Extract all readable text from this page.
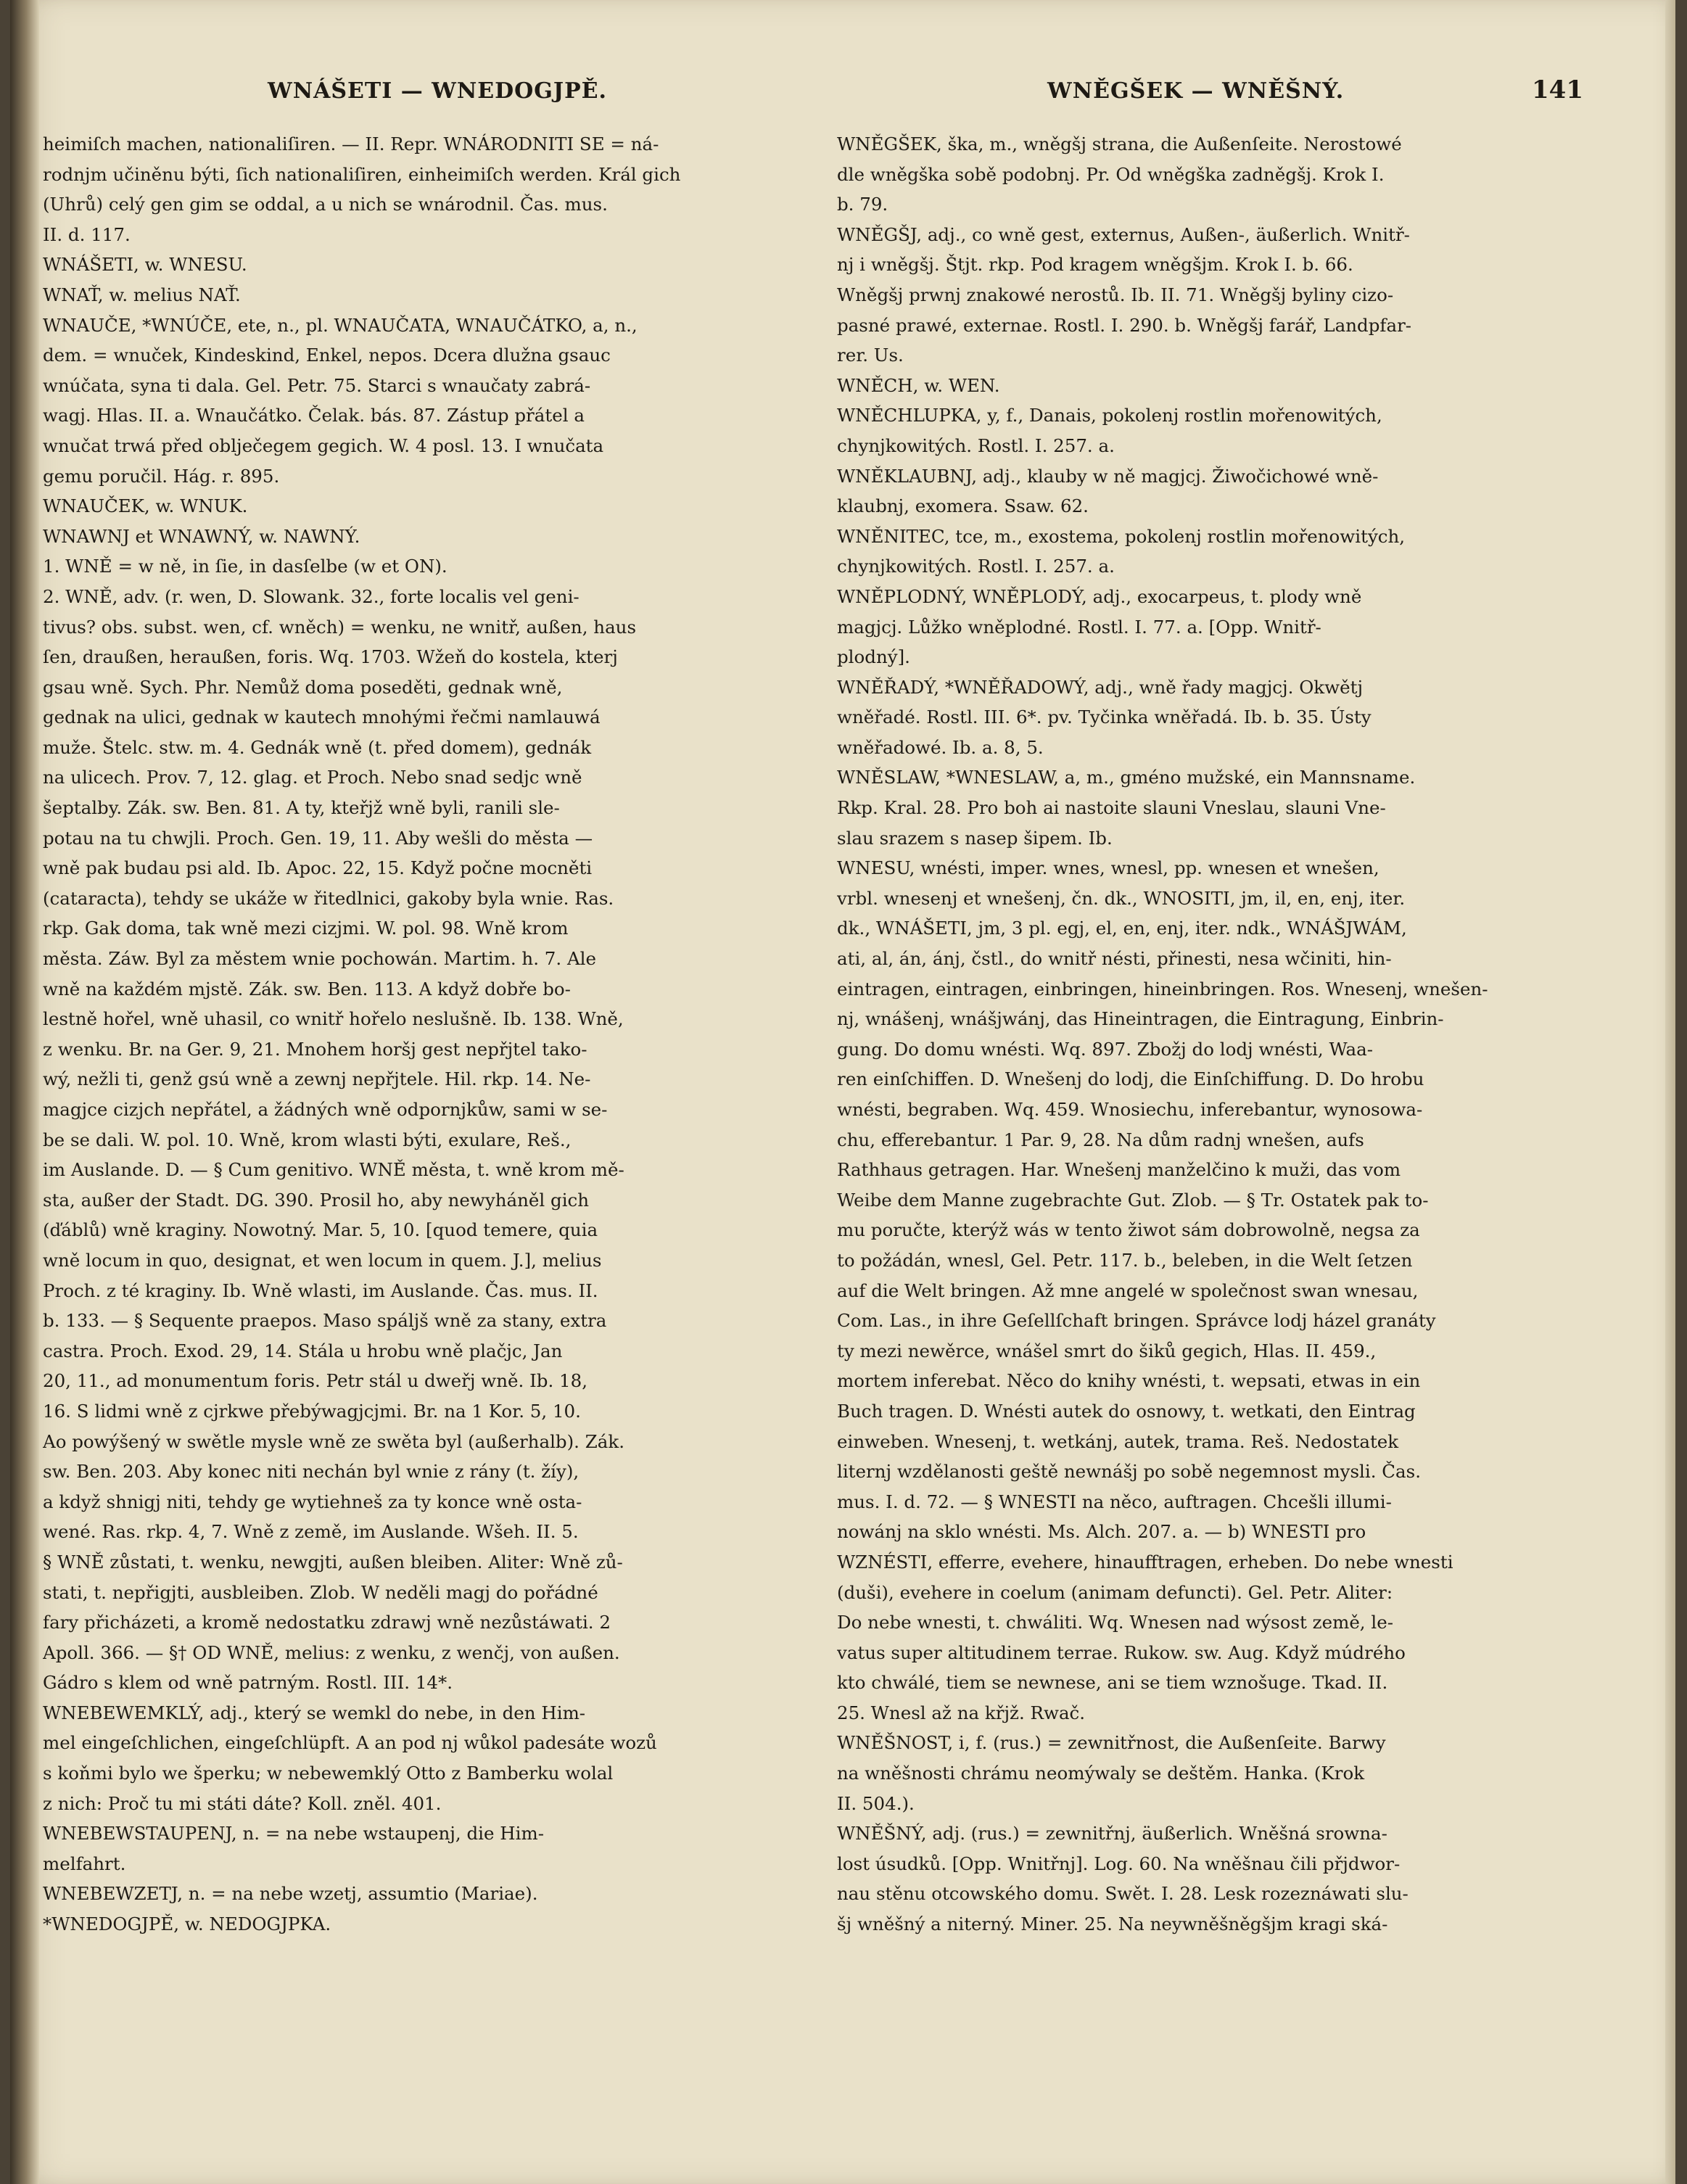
WNÁŠETI — WNEDOGJPĚ.	WNĚGŠEK — WNĚŠNÝ.	141
heimiſch machen, nationaliſiren. — II. Repr. WNÁRODNITI SE = ná-
rodnjm učiněnu býti, ſich nationaliſiren, einheimiſch werden. Král gich
(Uhrů) celý gen gim se oddal, a u nich se wnárodnil. Čas. mus.
II. d. 117.
WNÁŠETI, w. WNESU.
WNAŤ, w. melius NAŤ.
WNAUČE, *WNÚČE, ete, n., pl. WNAUČATA, WNAUČÁTKO, a, n.,
dem. = wnuček, Kindeskind, Enkel, nepos. Dcera dlužna gsauc
wnúčata, syna ti dala. Gel. Petr. 75. Starci s wnaučaty zabrá-
wagj. Hlas. II. a. Wnaučátko. Čelak. bás. 87. Zástup přátel a
wnučat trwá před oblječegem gegich. W. 4 posl. 13. I wnučata
gemu poručil. Hág. r. 895.
WNAUČEK, w. WNUK.
WNAWNJ et WNAWNÝ, w. NAWNÝ.
1. WNĚ = w ně, in ſie, in dasſelbe (w et ON).
2. WNĚ, adv. (r. wen, D. Slowank. 32., forte localis vel geni-
tivus? obs. subst. wen, cf. wněch) = wenku, ne wnitř, außen, haus
ſen, draußen, heraußen, foris. Wq. 1703. Wžeň do kostela, kterj
gsau wně. Sych. Phr. Nemůž doma poseděti, gednak wně,
gednak na ulici, gednak w kautech mnohými řečmi namlauwá
muže. Štelc. stw. m. 4. Gednák wně (t. před domem), gednák
na ulicech. Prov. 7, 12. glag. et Proch. Nebo snad sedjc wně
šeptalby. Zák. sw. Ben. 81. A ty, kteřjž wně byli, ranili sle-
potau na tu chwjli. Proch. Gen. 19, 11. Aby wešli do města —
wně pak budau psi ald. Ib. Apoc. 22, 15. Když počne mocněti
(cataracta), tehdy se ukáže w řitedlnici, gakoby byla wnie. Ras.
rkp. Gak doma, tak wně mezi cizjmi. W. pol. 98. Wně krom
města. Záw. Byl za městem wnie pochowán. Martim. h. 7. Ale
wně na každém mjstě. Zák. sw. Ben. 113. A když dobře bo-
lestně hořel, wně uhasil, co wnitř hořelo neslušně. Ib. 138. Wně,
z wenku. Br. na Ger. 9, 21. Mnohem horšj gest nepřjtel tako-
wý, nežli ti, genž gsú wně a zewnj nepřjtele. Hil. rkp. 14. Ne-
magjce cizjch nepřátel, a žádných wně odpornjkůw, sami w se-
be se dali. W. pol. 10. Wně, krom wlasti býti, exulare, Reš.,
im Auslande. D. — § Cum genitivo. WNĚ města, t. wně krom mě-
sta, außer der Stadt. DG. 390. Prosil ho, aby newyháněl gich
(ďáblů) wně kraginy. Nowotný. Mar. 5, 10. [quod temere, quia
wně locum in quo, designat, et wen locum in quem. J.], melius
Proch. z té kraginy. Ib. Wně wlasti, im Auslande. Čas. mus. II.
b. 133. — § Sequente praepos. Maso spáljš wně za stany, extra
castra. Proch. Exod. 29, 14. Stála u hrobu wně plačjc, Jan
20, 11., ad monumentum foris. Petr stál u dweřj wně. Ib. 18,
16. S lidmi wně z cjrkwe přebýwagjcjmi. Br. na 1 Kor. 5, 10.
Ao powýšený w swětle mysle wně ze swěta byl (außerhalb). Zák.
sw. Ben. 203. Aby konec niti nechán byl wnie z rány (t. žíy),
a když shnigj niti, tehdy ge wytiehneš za ty konce wně osta-
wené. Ras. rkp. 4, 7. Wně z země, im Auslande. Wšeh. II. 5.
§ WNĚ zůstati, t. wenku, newgjti, außen bleiben. Aliter: Wně zů-
stati, t. nepřigjti, ausbleiben. Zlob. W neděli magj do pořádné
fary přicházeti, a kromě nedostatku zdrawj wně nezůstáwati. 2
Apoll. 366. — §† OD WNĚ, melius: z wenku, z wenčj, von außen.
Gádro s klem od wně patrným. Rostl. III. 14*.
WNEBEWEMKLÝ, adj., který se wemkl do nebe, in den Him-
mel eingeſchlichen, eingeſchlüpft. A an pod nj wůkol padesáte wozů
s koňmi bylo we šperku; w nebewemklý Otto z Bamberku wolal
z nich: Proč tu mi státi dáte? Koll. zněl. 401.
WNEBEWSTAUPENJ, n. = na nebe wstaupenj, die Him-
melfahrt.
WNEBEWZETJ, n. = na nebe wzetj, assumtio (Mariae).
*WNEDOGJPĚ, w. NEDOGJPKA.
WNĚGŠEK, ška, m., wněgšj strana, die Außenſeite. Nerostowé
dle wněgška sobě podobnj. Pr. Od wněgška zadněgšj. Krok I.
b. 79.
WNĚGŠJ, adj., co wně gest, externus, Außen-, äußerlich. Wnitř-
nj i wněgšj. Štjt. rkp. Pod kragem wněgšjm. Krok I. b. 66.
Wněgšj prwnj znakowé nerostů. Ib. II. 71. Wněgšj byliny cizo-
pasné prawé, externae. Rostl. I. 290. b. Wněgšj farář, Landpfar-
rer. Us.
WNĚCH, w. WEN.
WNĚCHLUPKA, y, f., Danais, pokolenj rostlin mořenowitých,
chynjkowitých. Rostl. I. 257. a.
WNĚKLAUBNJ, adj., klauby w ně magjcj. Žiwočichowé wně-
klaubnj, exomera. Ssaw. 62.
WNĚNITEC, tce, m., exostema, pokolenj rostlin mořenowitých,
chynjkowitých. Rostl. I. 257. a.
WNĚPLODNÝ, WNĚPLODÝ, adj., exocarpeus, t. plody wně
magjcj. Lůžko wněplodné. Rostl. I. 77. a. [Opp. Wnitř-
plodný].
WNĚŘADÝ, *WNĚŘADOWÝ, adj., wně řady magjcj. Okwětj
wněřadé. Rostl. III. 6*. pv. Tyčinka wněřadá. Ib. b. 35. Ústy
wněřadowé. Ib. a. 8, 5.
WNĚSLAW, *WNESLAW, a, m., gméno mužské, ein Mannsname.
Rkp. Kral. 28. Pro boh ai nastoite slauni Vneslau, slauni Vne-
slau srazem s nasep šipem. Ib.
WNESU, wnésti, imper. wnes, wnesl, pp. wnesen et wnešen,
vrbl. wnesenj et wnešenj, čn. dk., WNOSITI, jm, il, en, enj, iter.
dk., WNÁŠETI, jm, 3 pl. egj, el, en, enj, iter. ndk., WNÁŠJWÁM,
ati, al, án, ánj, čstl., do wnitř nésti, přinesti, nesa wčiniti, hin-
eintragen, eintragen, einbringen, hineinbringen. Ros. Wnesenj, wnešen-
nj, wnášenj, wnášjwánj, das Hineintragen, die Eintragung, Einbrin-
gung. Do domu wnésti. Wq. 897. Zbožj do lodj wnésti, Waa-
ren einſchiffen. D. Wnešenj do lodj, die Einſchiffung. D. Do hrobu
wnésti, begraben. Wq. 459. Wnosiechu, inferebantur, wynosowa-
chu, efferebantur. 1 Par. 9, 28. Na dům radnj wnešen, aufs
Rathhaus getragen. Har. Wnešenj manželčino k muži, das vom
Weibe dem Manne zugebrachte Gut. Zlob. — § Tr. Ostatek pak to-
mu poručte, kterýž wás w tento žiwot sám dobrowolně, negsa za
to požádán, wnesl, Gel. Petr. 117. b., beleben, in die Welt ſetzen
auf die Welt bringen. Až mne angelé w společnost swan wnesau,
Com. Las., in ihre Geſellſchaft bringen. Správce lodj házel granáty
ty mezi newěrce, wnášel smrt do šiků gegich, Hlas. II. 459.,
mortem inferebat. Něco do knihy wnésti, t. wepsati, etwas in ein
Buch tragen. D. Wnésti autek do osnowy, t. wetkati, den Eintrag
einweben. Wnesenj, t. wetkánj, autek, trama. Reš. Nedostatek
liternj wzdělanosti geště newnášj po sobě negemnost mysli. Čas.
mus. I. d. 72. — § WNESTI na něco, auftragen. Chcešli illumi-
nowánj na sklo wnésti. Ms. Alch. 207. a. — b) WNESTI pro
WZNÉSTI, efferre, evehere, hinaufftragen, erheben. Do nebe wnesti
(duši), evehere in coelum (animam defuncti). Gel. Petr. Aliter:
Do nebe wnesti, t. chwáliti. Wq. Wnesen nad wýsost země, le-
vatus super altitudinem terrae. Rukow. sw. Aug. Když múdrého
kto chwálé, tiem se newnese, ani se tiem wznošuge. Tkad. II.
25. Wnesl až na křjž. Rwač.
WNĚŠNOST, i, f. (rus.) = zewnitřnost, die Außenſeite. Barwy
na wněšnosti chrámu neomýwaly se deštěm. Hanka. (Krok
II. 504.).
WNĚŠNÝ, adj. (rus.) = zewnitřnj, äußerlich. Wněšná srowna-
lost úsudků. [Opp. Wnitřnj]. Log. 60. Na wněšnau čili přjdwor-
nau stěnu otcowského domu. Swět. I. 28. Lesk rozeznáwati slu-
šj wněšný a niterný. Miner. 25. Na neywněšněgšjm kragi ská-
